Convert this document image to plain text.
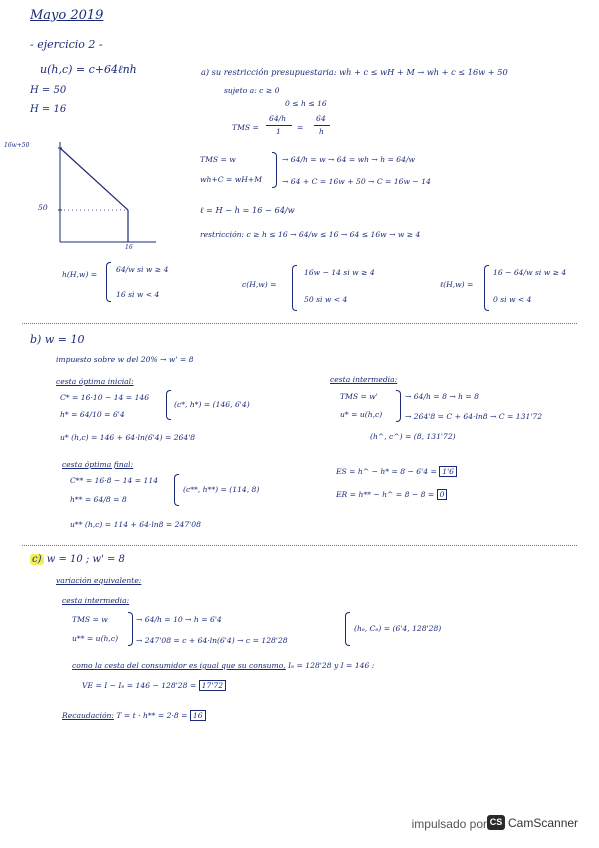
Mayo 2019
- ejercicio 2 -
u(h,c) = c+64ℓnh
H = 50
H = 16
a) su restricción presupuestaria: wh + c ≤ wH + M → wh + c ≤ 16w + 50
sujeto a: c ≥ 0
0 ≤ h ≤ 16
TMS =
64/h
1 =
64
h
TMS = w
wh+C = wH+M
→ 64/h = w → 64 = wh → h = 64/w
→ 64 + C = 16w + 50 → C = 16w − 14
ℓ = H − h = 16 − 64/w
restricción: c ≥ h ≤ 16 → 64/w ≤ 16 → 64 ≤ 16w → w ≥ 4
16w+50
50
16
h(H,w) =
64/w si w ≥ 4
16 si w < 4
c(H,w) =
16w − 14 si w ≥ 4
50 si w < 4
ℓ(H,w) =
16 − 64/w si w ≥ 4
0 si w < 4
b) w = 10
impuesto sobre w del 20% → w' = 8
cesta óptima inicial:
C* = 16·10 − 14 = 146
h* = 64/10 = 6'4
(c*, h*) = (146, 6'4)
u* (h,c) = 146 + 64·ln(6'4) = 264'8
cesta óptima final:
C** = 16·8 − 14 = 114
h** = 64/8 = 8
(c**, h**) = (114, 8)
u** (h,c) = 114 + 64·ln8 = 247'08
cesta intermedia:
TMS = w'
u* = u(h,c)
→ 64/h = 8 → h = 8
→ 264'8 = C + 64·ln8 → C = 131'72
(h^, c^) = (8, 131'72)
ES = h^ − h* = 8 − 6'4 = 1'6
ER = h** − h^ = 8 − 8 = 0
c) w = 10 ; w' = 8
variación equivalente:
cesta intermedia:
TMS = w
u** = u(h,c)
→ 64/h = 10 → h = 6'4
→ 247'08 = c + 64·ln(6'4) → c = 128'28
(hₑ, Cₑ) = (6'4, 128'28)
como la cesta del consumidor es igual que su consumo, Iₑ = 128'28 y I = 146 :
VE = I − Iₑ = 146 − 128'28 = 17'72
Recaudación: T = t · h** = 2·8 = 16
impulsado por CS CamScanner
